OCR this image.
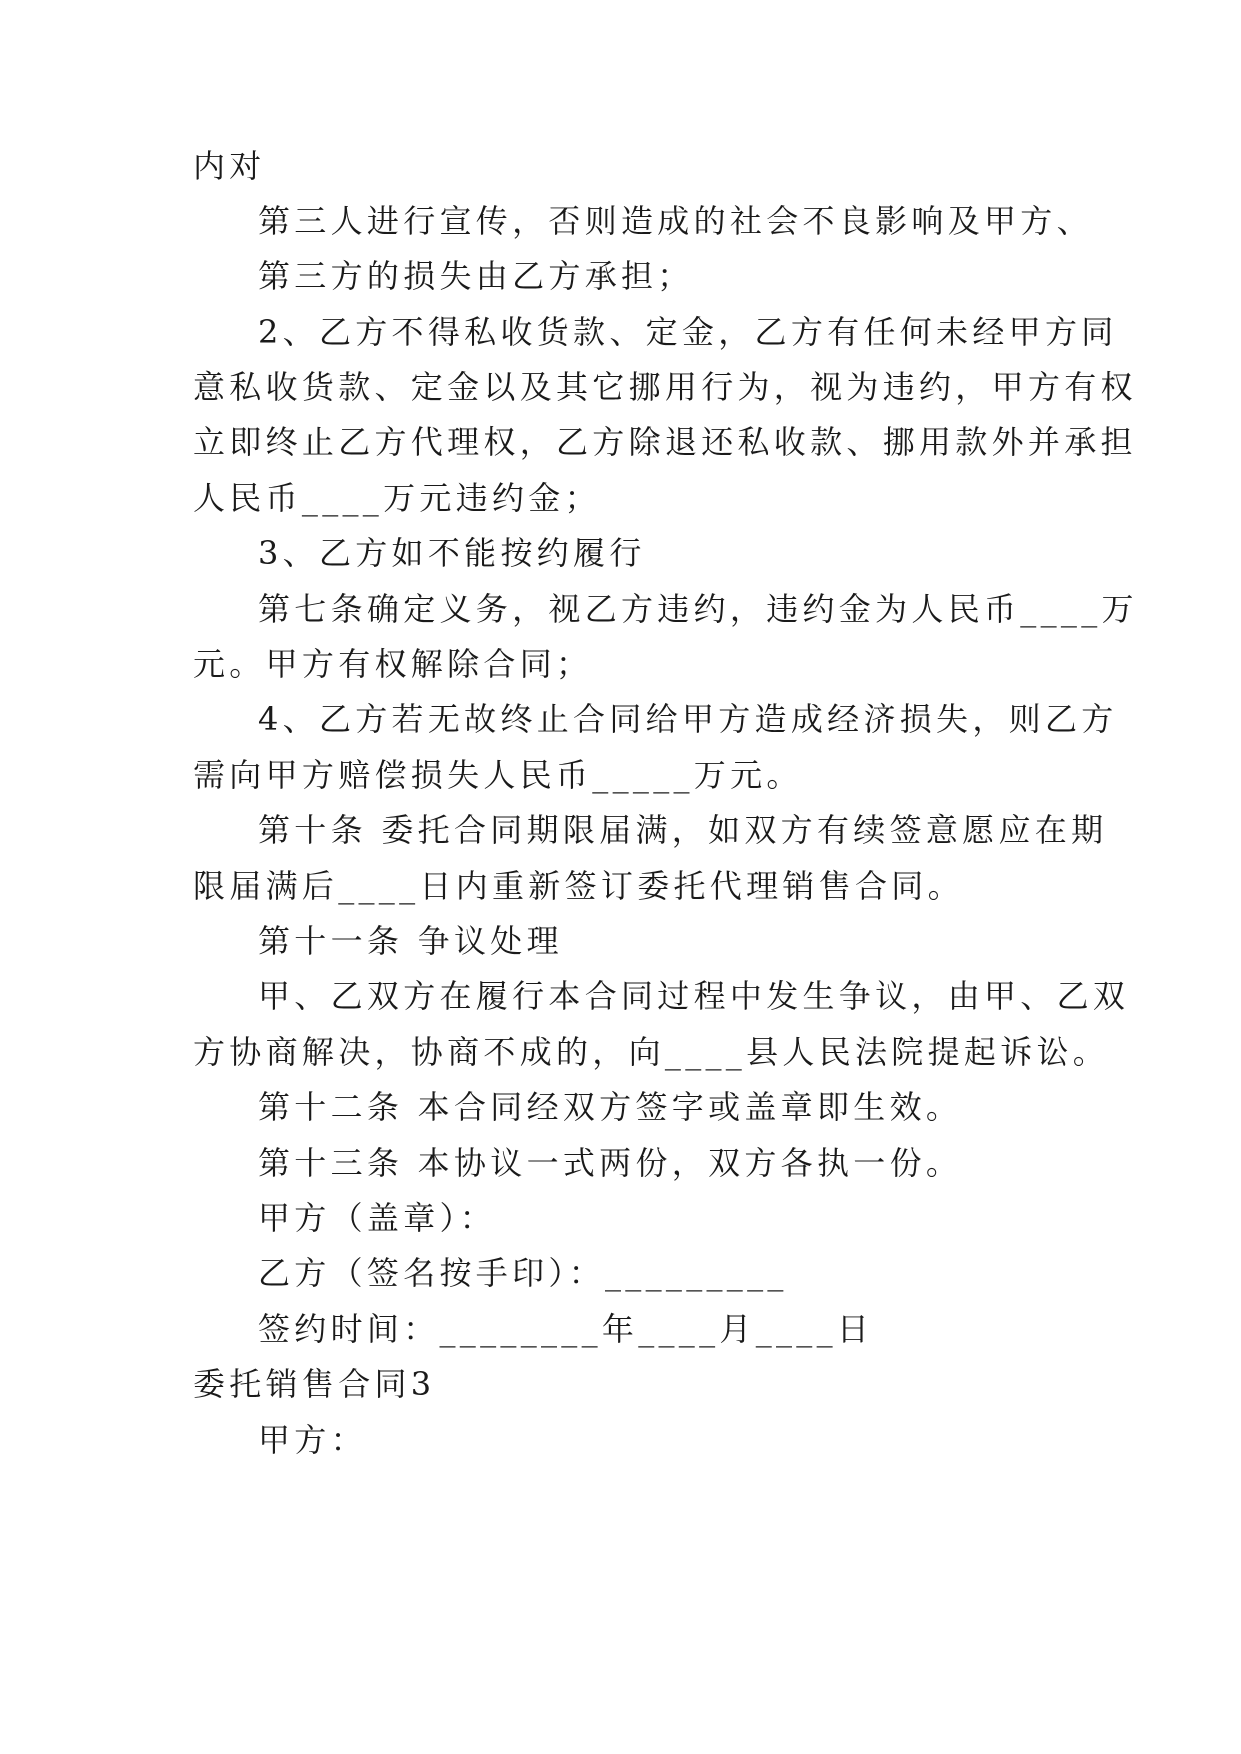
内对
第三人进行宣传，否则造成的社会不良影响及甲方、
第三方的损失由乙方承担；
2、乙方不得私收货款、定金，乙方有任何未经甲方同
意私收货款、定金以及其它挪用行为，视为违约，甲方有权
立即终止乙方代理权，乙方除退还私收款、挪用款外并承担
人民币____万元违约金；
3、乙方如不能按约履行
第七条确定义务，视乙方违约，违约金为人民币____万
元。甲方有权解除合同；
4、乙方若无故终止合同给甲方造成经济损失，则乙方
需向甲方赔偿损失人民币_____万元。
第十条 委托合同期限届满，如双方有续签意愿应在期
限届满后____日内重新签订委托代理销售合同。
第十一条 争议处理
甲、乙双方在履行本合同过程中发生争议，由甲、乙双
方协商解决，协商不成的，向____县人民法院提起诉讼。
第十二条 本合同经双方签字或盖章即生效。
第十三条 本协议一式两份，双方各执一份。
甲方（盖章）：
乙方（签名按手印）：_________
签约时间：________年____月____日
委托销售合同3
甲方：
